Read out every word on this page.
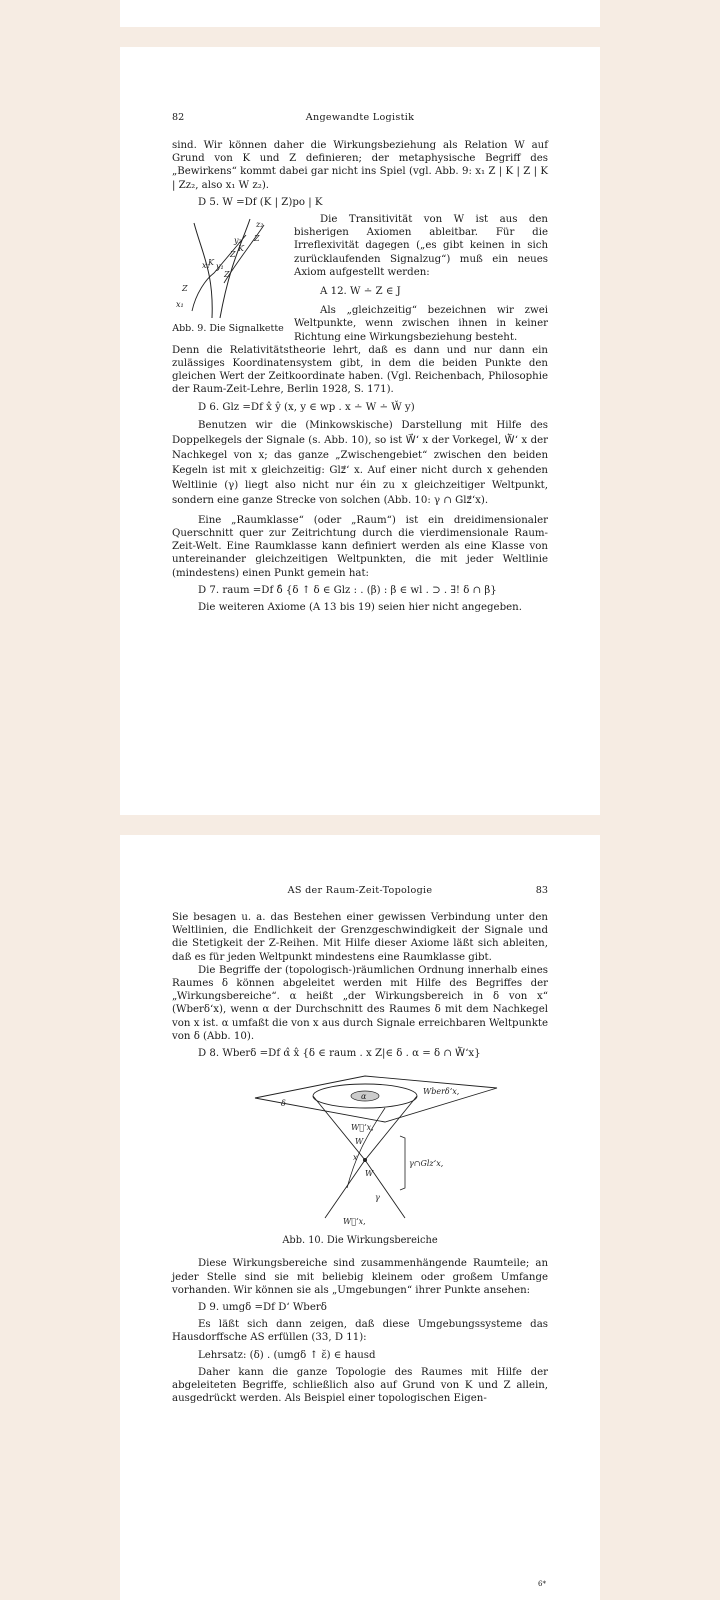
82	Angewandte Logistik

sind. Wir können daher die Wirkungsbeziehung als Relation W auf Grund von K und Z definieren; der metaphysische Begriff des „Bewirkens“ kommt dabei gar nicht ins Spiel (vgl. Abb. 9: x₁ Z | K | Z | K | Zz₂, also x₁ W z₂).

D 5. W =Df (K | Z)po | K
z₂
Z
y₂
Z
x₂ y₁
Z
Z
x₁
K
K
Abb. 9. Die Signalkette

Die Transitivität von W ist aus den bisherigen Axiomen ableitbar. Für die Irreflexivität dagegen („es gibt keinen in sich zurücklaufenden Signalzug“) muß ein neues Axiom aufgestellt werden:

A 12. W ∸ Z ∈ J

Als „gleichzeitig“ bezeichnen wir zwei Weltpunkte, wenn zwischen ihnen in keiner Richtung eine Wirkungsbeziehung besteht.

Denn die Relativitätstheorie lehrt, daß es dann und nur dann ein zulässiges Koordinatensystem gibt, in dem die beiden Punkte den gleichen Wert der Zeitkoordinate haben. (Vgl. Reichenbach, Philosophie der Raum-Zeit-Lehre, Berlin 1928, S. 171).

D 6. Glz =Df x̂ ŷ (x, y ∈ wp . x ∸ W ∸ W̆ y)

Benutzen wir die (Minkowskische) Darstellung mit Hilfe des Doppelkegels der Signale (s. Abb. 10), so ist W⃗‘ x der Vorkegel, W⃖‘ x der Nachkegel von x; das ganze „Zwischengebiet“ zwischen den beiden Kegeln ist mit x gleichzeitig: Glz⃗‘ x. Auf einer nicht durch x gehenden Weltlinie (γ) liegt also nicht nur éin zu x gleichzeitiger Weltpunkt, sondern eine ganze Strecke von solchen (Abb. 10: γ ∩ Glz⃗‘x).

Eine „Raumklasse“ (oder „Raum“) ist ein dreidimensionaler Querschnitt quer zur Zeitrichtung durch die vierdimensionale Raum-Zeit-Welt. Eine Raumklasse kann definiert werden als eine Klasse von untereinander gleichzeitigen Weltpunkten, die mit jeder Weltlinie (mindestens) einen Punkt gemein hat:

D 7. raum =Df δ̂ {δ ↑ δ ∈ Glz : . (β) : β ∈ wl . ⊃ . ∃! δ ∩ β}

Die weiteren Axiome (A 13 bis 19) seien hier nicht angegeben.

AS der Raum-Zeit-Topologie	83

Sie besagen u. a. das Bestehen einer gewissen Verbindung unter den Weltlinien, die Endlichkeit der Grenzgeschwindigkeit der Signale und die Stetigkeit der Z-Reihen. Mit Hilfe dieser Axiome läßt sich ableiten, daß es für jeden Weltpunkt mindestens eine Raumklasse gibt.

Die Begriffe der (topologisch-)räumlichen Ordnung innerhalb eines Raumes δ können abgeleitet werden mit Hilfe des Begriffes der „Wirkungsbereiche“. α heißt „der Wirkungsbereich in δ von x“ (Wberδ‘x), wenn α der Durchschnitt des Raumes δ mit dem Nachkegel von x ist. α umfaßt die von x aus durch Signale erreichbaren Weltpunkte von δ (Abb. 10).

D 8. Wberδ =Df α̂ x̂ {δ ∈ raum . x Z|∈ δ . α = δ ∩ W⃖‘x}
δ
α
Wberδ‘x,
W⃖‘x,
W
x
W
γ∩Glz‘x,
γ
W⃗‘x,
Abb. 10. Die Wirkungsbereiche

Diese Wirkungsbereiche sind zusammenhängende Raumteile; an jeder Stelle sind sie mit beliebig kleinem oder großem Umfange vorhanden. Wir können sie als „Umgebungen“ ihrer Punkte ansehen:

D 9. umgδ =Df D‘ Wberδ

Es läßt sich dann zeigen, daß diese Umgebungssysteme das Hausdorffsche AS erfüllen (33, D 11):

Lehrsatz: (δ) . (umgδ ↑ ε̆) ∈ hausd

Daher kann die ganze Topologie des Raumes mit Hilfe der abgeleiteten Begriffe, schließlich also auf Grund von K und Z allein, ausgedrückt werden. Als Beispiel einer topologischen Eigen-

6*
